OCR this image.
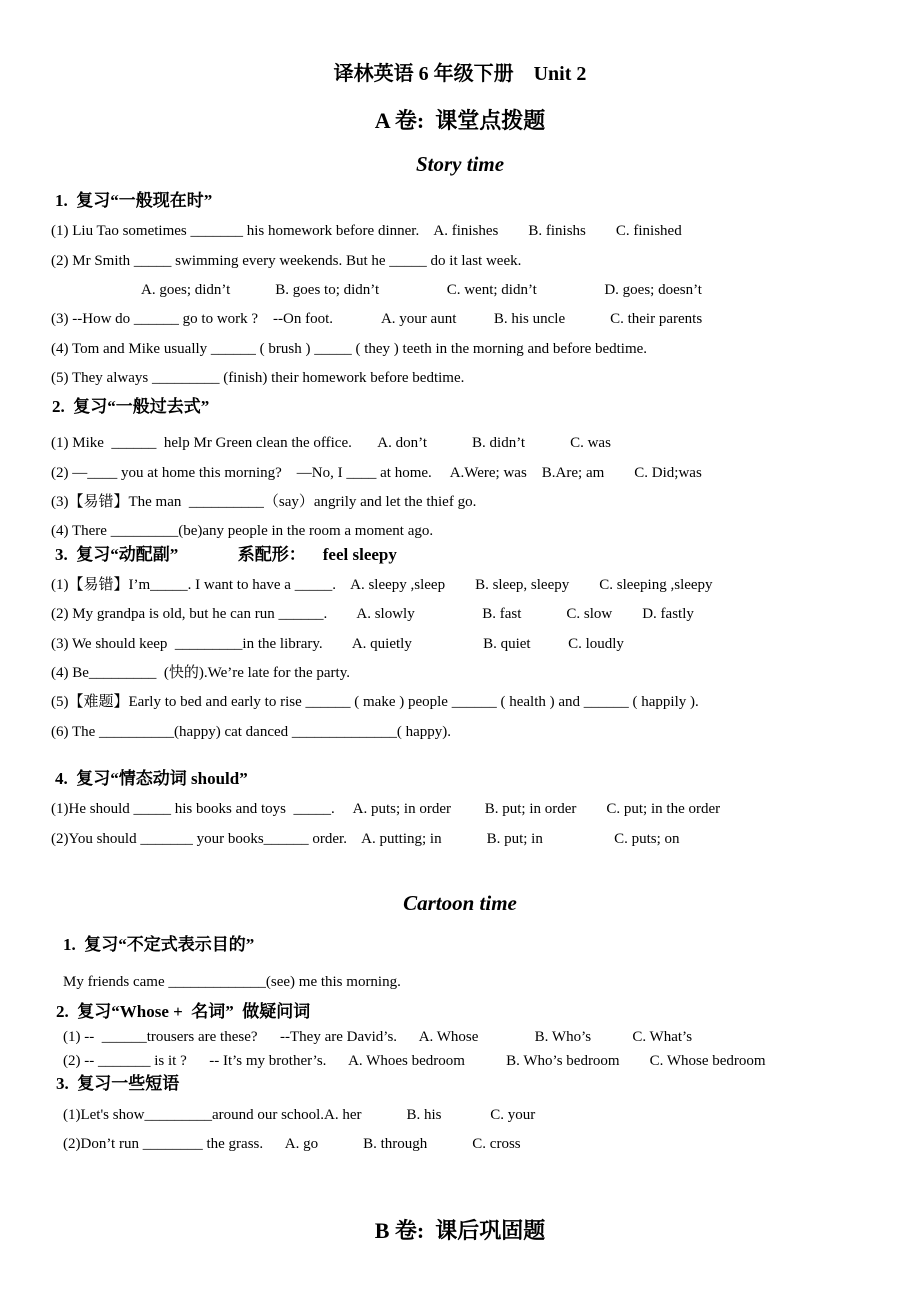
译林英语 6 年级下册    Unit 2
A 卷:  课堂点拨题
Story time
1.  复习“一般现在时”
(1) Liu Tao sometimes _______ his homework before dinner.    A. finishes        B. finishs        C. finished
(2) Mr Smith _____ swimming every weekends. But he _____ do it last week.
A. goes; didn’t            B. goes to; didn’t                  C. went; didn’t                  D. goes; doesn’t
(3) --How do ______ go to work ?    --On foot.             A. your aunt          B. his uncle            C. their parents
(4) Tom and Mike usually ______ ( brush ) _____ ( they ) teeth in the morning and before bedtime.
(5) They always _________ (finish) their homework before bedtime.
2.  复习“一般过去式”
(1) Mike  ______  help Mr Green clean the office.       A. don’t            B. didn’t            C. was
(2) —____ you at home this morning?    —No, I ____ at home.     A.Were; was    B.Are; am        C. Did;was
(3)【易错】The man  __________（say）angrily and let the thief go.
(4) There _________(be)any people in the room a moment ago.
3.  复习“动配副”              系配形：    feel sleepy
(1)【易错】I’m_____. I want to have a _____.    A. sleepy ,sleep        B. sleep, sleepy        C. sleeping ,sleepy
(2) My grandpa is old, but he can run ______.        A. slowly                  B. fast            C. slow        D. fastly
(3) We should keep  _________in the library.        A. quietly                   B. quiet          C. loudly
(4) Be_________  (快的).We’re late for the party.
(5)【难题】Early to bed and early to rise ______ ( make ) people ______ ( health ) and ______ ( happily ).
(6) The __________(happy) cat danced ______________( happy).
4.  复习“情态动词 should”
(1)He should _____ his books and toys  _____.     A. puts; in order         B. put; in order        C. put; in the order
(2)You should _______ your books______ order.    A. putting; in            B. put; in                   C. puts; on
Cartoon time
1.  复习“不定式表示目的”
My friends came _____________(see) me this morning.
2.  复习“Whose +  名词”  做疑问词
(1) --  ______trousers are these?      --They are David’s.      A. Whose               B. Who’s           C. What’s
(2) -- _______ is it ?      -- It’s my brother’s.      A. Whoes bedroom           B. Who’s bedroom        C. Whose bedroom
3.  复习一些短语
(1)Let's show_________around our school.A. her            B. his             C. your
(2)Don’t run ________ the grass.      A. go            B. through            C. cross
B 卷:  课后巩固题
